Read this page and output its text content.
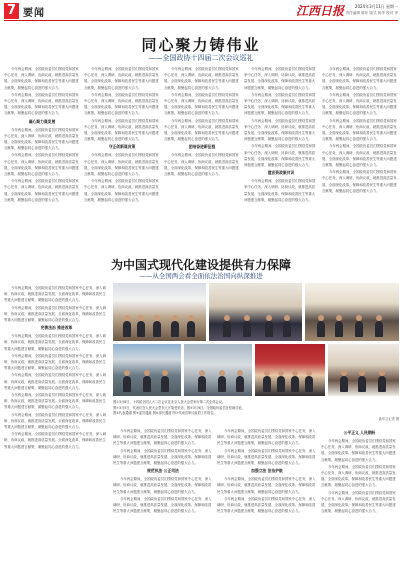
7 要闻	江西日报	2024年3月11日 星期一
责任编辑 陈东 版式 郭华 校对 李
同心聚力铸伟业
——全国政协十四届二次会议巡礼

今年两会期间，全国政协委员们围绕党和国家中心任务，深入调研、协商议政，就推进高质量发展、全面深化改革、保障和改善民生等重大问题建言献策，凝聚起同心奋进的强大合力。

今年两会期间，全国政协委员们围绕党和国家中心任务，深入调研、协商议政，就推进高质量发展、全面深化改革、保障和改善民生等重大问题建言献策，凝聚起同心奋进的强大合力。

凝心聚力谋发展

今年两会期间，全国政协委员们围绕党和国家中心任务，深入调研、协商议政，就推进高质量发展、全面深化改革、保障和改善民生等重大问题建言献策，凝聚起同心奋进的强大合力。

今年两会期间，全国政协委员们围绕党和国家中心任务，深入调研、协商议政，就推进高质量发展、全面深化改革、保障和改善民生等重大问题建言献策，凝聚起同心奋进的强大合力。

今年两会期间，全国政协委员们围绕党和国家中心任务，深入调研、协商议政，就推进高质量发展、全面深化改革、保障和改善民生等重大问题建言献策，凝聚起同心奋进的强大合力。

今年两会期间，全国政协委员们围绕党和国家中心任务，深入调研、协商议政，就推进高质量发展、全面深化改革、保障和改善民生等重大问题建言献策，凝聚起同心奋进的强大合力。

今年两会期间，全国政协委员们围绕党和国家中心任务，深入调研、协商议政，就推进高质量发展、全面深化改革、保障和改善民生等重大问题建言献策，凝聚起同心奋进的强大合力。

今年两会期间，全国政协委员们围绕党和国家中心任务，深入调研、协商议政，就推进高质量发展、全面深化改革、保障和改善民生等重大问题建言献策，凝聚起同心奋进的强大合力。

守正创新谋良策

今年两会期间，全国政协委员们围绕党和国家中心任务，深入调研、协商议政，就推进高质量发展、全面深化改革、保障和改善民生等重大问题建言献策，凝聚起同心奋进的强大合力。

今年两会期间，全国政协委员们围绕党和国家中心任务，深入调研、协商议政，就推进高质量发展、全面深化改革、保障和改善民生等重大问题建言献策，凝聚起同心奋进的强大合力。

今年两会期间，全国政协委员们围绕党和国家中心任务，深入调研、协商议政，就推进高质量发展、全面深化改革、保障和改善民生等重大问题建言献策，凝聚起同心奋进的强大合力。

今年两会期间，全国政协委员们围绕党和国家中心任务，深入调研、协商议政，就推进高质量发展、全面深化改革、保障和改善民生等重大问题建言献策，凝聚起同心奋进的强大合力。

今年两会期间，全国政协委员们围绕党和国家中心任务，深入调研、协商议政，就推进高质量发展、全面深化改革、保障和改善民生等重大问题建言献策，凝聚起同心奋进的强大合力。

团结奋进新征程

今年两会期间，全国政协委员们围绕党和国家中心任务，深入调研、协商议政，就推进高质量发展、全面深化改革、保障和改善民生等重大问题建言献策，凝聚起同心奋进的强大合力。

今年两会期间，全国政协委员们围绕党和国家中心任务，深入调研、协商议政，就推进高质量发展、全面深化改革、保障和改善民生等重大问题建言献策，凝聚起同心奋进的强大合力。

今年两会期间，全国政协委员们围绕党和国家中心任务，深入调研、协商议政，就推进高质量发展、全面深化改革、保障和改善民生等重大问题建言献策，凝聚起同心奋进的强大合力。

今年两会期间，全国政协委员们围绕党和国家中心任务，深入调研、协商议政，就推进高质量发展、全面深化改革、保障和改善民生等重大问题建言献策，凝聚起同心奋进的强大合力。

今年两会期间，全国政协委员们围绕党和国家中心任务，深入调研、协商议政，就推进高质量发展、全面深化改革、保障和改善民生等重大问题建言献策，凝聚起同心奋进的强大合力。

建言资政聚共识

今年两会期间，全国政协委员们围绕党和国家中心任务，深入调研、协商议政，就推进高质量发展、全面深化改革、保障和改善民生等重大问题建言献策，凝聚起同心奋进的强大合力。

今年两会期间，全国政协委员们围绕党和国家中心任务，深入调研、协商议政，就推进高质量发展、全面深化改革、保障和改善民生等重大问题建言献策，凝聚起同心奋进的强大合力。

今年两会期间，全国政协委员们围绕党和国家中心任务，深入调研、协商议政，就推进高质量发展、全面深化改革、保障和改善民生等重大问题建言献策，凝聚起同心奋进的强大合力。

今年两会期间，全国政协委员们围绕党和国家中心任务，深入调研、协商议政，就推进高质量发展、全面深化改革、保障和改善民生等重大问题建言献策，凝聚起同心奋进的强大合力。

今年两会期间，全国政协委员们围绕党和国家中心任务，深入调研、协商议政，就推进高质量发展、全面深化改革、保障和改善民生等重大问题建言献策，凝聚起同心奋进的强大合力。

今年两会期间，全国政协委员们围绕党和国家中心任务，深入调研、协商议政，就推进高质量发展、全面深化改革、保障和改善民生等重大问题建言献策，凝聚起同心奋进的强大合力。

为中国式现代化建设提供有力保障
——从全国两会看全面依法治国向纵深推进

今年两会期间，全国政协委员们围绕党和国家中心任务，深入调研、协商议政，就推进高质量发展、全面深化改革、保障和改善民生等重大问题建言献策，凝聚起同心奋进的强大合力。

今年两会期间，全国政协委员们围绕党和国家中心任务，深入调研、协商议政，就推进高质量发展、全面深化改革、保障和改善民生等重大问题建言献策，凝聚起同心奋进的强大合力。

完善法治 推进改革

今年两会期间，全国政协委员们围绕党和国家中心任务，深入调研、协商议政，就推进高质量发展、全面深化改革、保障和改善民生等重大问题建言献策，凝聚起同心奋进的强大合力。

今年两会期间，全国政协委员们围绕党和国家中心任务，深入调研、协商议政，就推进高质量发展、全面深化改革、保障和改善民生等重大问题建言献策，凝聚起同心奋进的强大合力。

今年两会期间，全国政协委员们围绕党和国家中心任务，深入调研、协商议政，就推进高质量发展、全面深化改革、保障和改善民生等重大问题建言献策，凝聚起同心奋进的强大合力。

今年两会期间，全国政协委员们围绕党和国家中心任务，深入调研、协商议政，就推进高质量发展、全面深化改革、保障和改善民生等重大问题建言献策，凝聚起同心奋进的强大合力。

今年两会期间，全国政协委员们围绕党和国家中心任务，深入调研、协商议政，就推进高质量发展、全面深化改革、保障和改善民生等重大问题建言献策，凝聚起同心奋进的强大合力。

今年两会期间，全国政协委员们围绕党和国家中心任务，深入调研、协商议政，就推进高质量发展、全面深化改革、保障和改善民生等重大问题建言献策，凝聚起同心奋进的强大合力。

图①3月8日，十四届全国人大二次会议在北京人民大会堂举行第二次全体会议。

图②3月5日，代表们在人民大会堂东大厅接受采访。图③3月9日，全国政协委员在驻地讨论。

图④代表通道 图⑤委员通道 图⑥部长通道 图⑦代表们审议政府工作报告。

新华社记者 摄

今年两会期间，全国政协委员们围绕党和国家中心任务，深入调研、协商议政，就推进高质量发展、全面深化改革、保障和改善民生等重大问题建言献策，凝聚起同心奋进的强大合力。

今年两会期间，全国政协委员们围绕党和国家中心任务，深入调研、协商议政，就推进高质量发展、全面深化改革、保障和改善民生等重大问题建言献策，凝聚起同心奋进的强大合力。

规范执法 公正司法

今年两会期间，全国政协委员们围绕党和国家中心任务，深入调研、协商议政，就推进高质量发展、全面深化改革、保障和改善民生等重大问题建言献策，凝聚起同心奋进的强大合力。

今年两会期间，全国政协委员们围绕党和国家中心任务，深入调研、协商议政，就推进高质量发展、全面深化改革、保障和改善民生等重大问题建言献策，凝聚起同心奋进的强大合力。

今年两会期间，全国政协委员们围绕党和国家中心任务，深入调研、协商议政，就推进高质量发展、全面深化改革、保障和改善民生等重大问题建言献策，凝聚起同心奋进的强大合力。

今年两会期间，全国政协委员们围绕党和国家中心任务，深入调研、协商议政，就推进高质量发展、全面深化改革、保障和改善民生等重大问题建言献策，凝聚起同心奋进的强大合力。

加强立法 法治护航

今年两会期间，全国政协委员们围绕党和国家中心任务，深入调研、协商议政，就推进高质量发展、全面深化改革、保障和改善民生等重大问题建言献策，凝聚起同心奋进的强大合力。

今年两会期间，全国政协委员们围绕党和国家中心任务，深入调研、协商议政，就推进高质量发展、全面深化改革、保障和改善民生等重大问题建言献策，凝聚起同心奋进的强大合力。

公平正义 人民期盼

今年两会期间，全国政协委员们围绕党和国家中心任务，深入调研、协商议政，就推进高质量发展、全面深化改革、保障和改善民生等重大问题建言献策，凝聚起同心奋进的强大合力。

今年两会期间，全国政协委员们围绕党和国家中心任务，深入调研、协商议政，就推进高质量发展、全面深化改革、保障和改善民生等重大问题建言献策，凝聚起同心奋进的强大合力。

今年两会期间，全国政协委员们围绕党和国家中心任务，深入调研、协商议政，就推进高质量发展、全面深化改革、保障和改善民生等重大问题建言献策，凝聚起同心奋进的强大合力。
